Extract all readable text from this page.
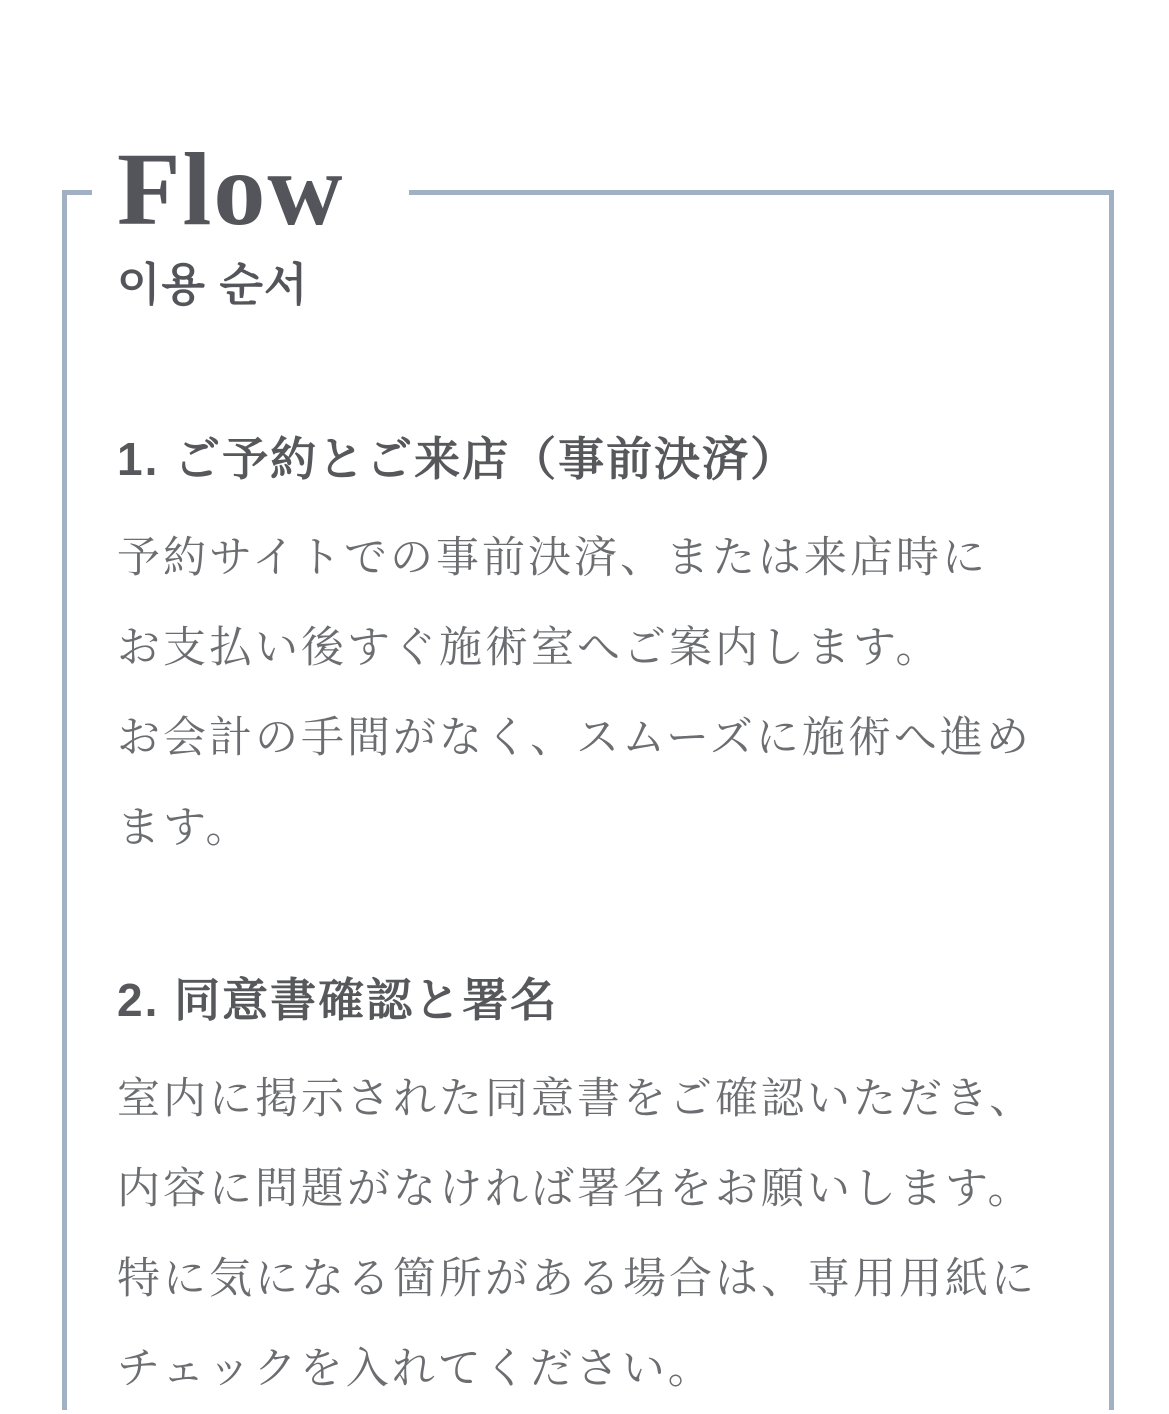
Flow
이용 순서
1. ご予約とご来店（事前決済）
予約サイトでの事前決済、または来店時に
お支払い後すぐ施術室へご案内します。
お会計の手間がなく、スムーズに施術へ進め
ます。
2. 同意書確認と署名
室内に掲示された同意書をご確認いただき、
内容に問題がなければ署名をお願いします。
特に気になる箇所がある場合は、専用用紙に
チェックを入れてください。
